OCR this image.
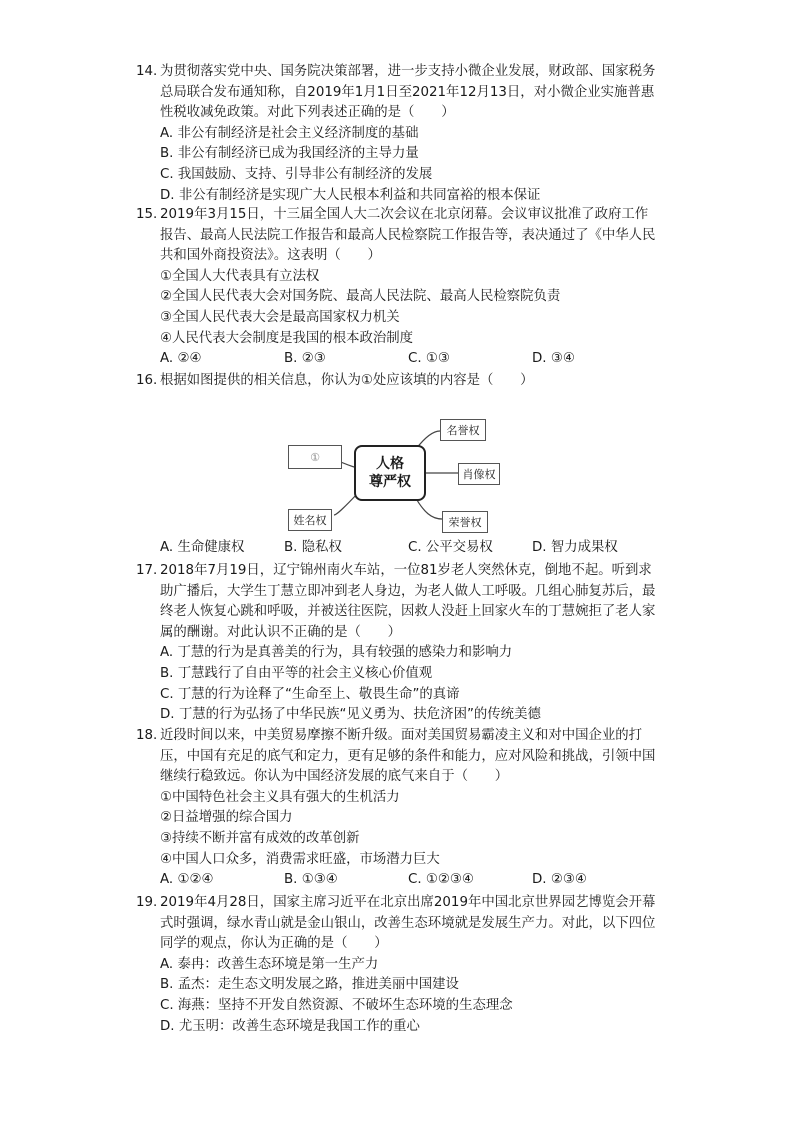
14. 为贯彻落实党中央、国务院决策部署，进一步支持小微企业发展，财政部、国家税务总局联合发布通知称，自2019年1月1日至2021年12月13日，对小微企业实施普惠性税收减免政策。对此下列表述正确的是（　　）
A. 非公有制经济是社会主义经济制度的基础
B. 非公有制经济已成为我国经济的主导力量
C. 我国鼓励、支持、引导非公有制经济的发展
D. 非公有制经济是实现广大人民根本利益和共同富裕的根本保证
15. 2019年3月15日，十三届全国人大二次会议在北京闭幕。会议审议批准了政府工作报告、最高人民法院工作报告和最高人民检察院工作报告等，表决通过了《中华人民共和国外商投资法》。这表明（　　）
①全国人大代表具有立法权
②全国人民代表大会对国务院、最高人民法院、最高人民检察院负责
③全国人民代表大会是最高国家权力机关
④人民代表大会制度是我国的根本政治制度
A. ②④	B. ②③	C. ①③	D. ③④
16. 根据如图提供的相关信息，你认为①处应该填的内容是（　　）
①
姓名权
人格
尊严权
名誉权
肖像权
荣誉权
A. 生命健康权	B. 隐私权	C. 公平交易权	D. 智力成果权
17. 2018年7月19日，辽宁锦州南火车站，一位81岁老人突然休克，倒地不起。听到求助广播后，大学生丁慧立即冲到老人身边，为老人做人工呼吸。几组心肺复苏后，最终老人恢复心跳和呼吸，并被送往医院，因救人没赶上回家火车的丁慧婉拒了老人家属的酬谢。对此认识不正确的是（　　）
A. 丁慧的行为是真善美的行为，具有较强的感染力和影响力
B. 丁慧践行了自由平等的社会主义核心价值观
C. 丁慧的行为诠释了“生命至上、敬畏生命”的真谛
D. 丁慧的行为弘扬了中华民族“见义勇为、扶危济困”的传统美德
18. 近段时间以来，中美贸易摩擦不断升级。面对美国贸易霸凌主义和对中国企业的打压，中国有充足的底气和定力，更有足够的条件和能力，应对风险和挑战，引领中国继续行稳致远。你认为中国经济发展的底气来自于（　　）
①中国特色社会主义具有强大的生机活力
②日益增强的综合国力
③持续不断并富有成效的改革创新
④中国人口众多，消费需求旺盛，市场潜力巨大
A. ①②④	B. ①③④	C. ①②③④	D. ②③④
19. 2019年4月28日，国家主席习近平在北京出席2019年中国北京世界园艺博览会开幕式时强调，绿水青山就是金山银山，改善生态环境就是发展生产力。对此，以下四位同学的观点，你认为正确的是（　　）
A. 泰冉：改善生态环境是第一生产力
B. 孟杰：走生态文明发展之路，推进美丽中国建设
C. 海燕：坚持不开发自然资源、不破坏生态环境的生态理念
D. 尤玉明：改善生态环境是我国工作的重心
